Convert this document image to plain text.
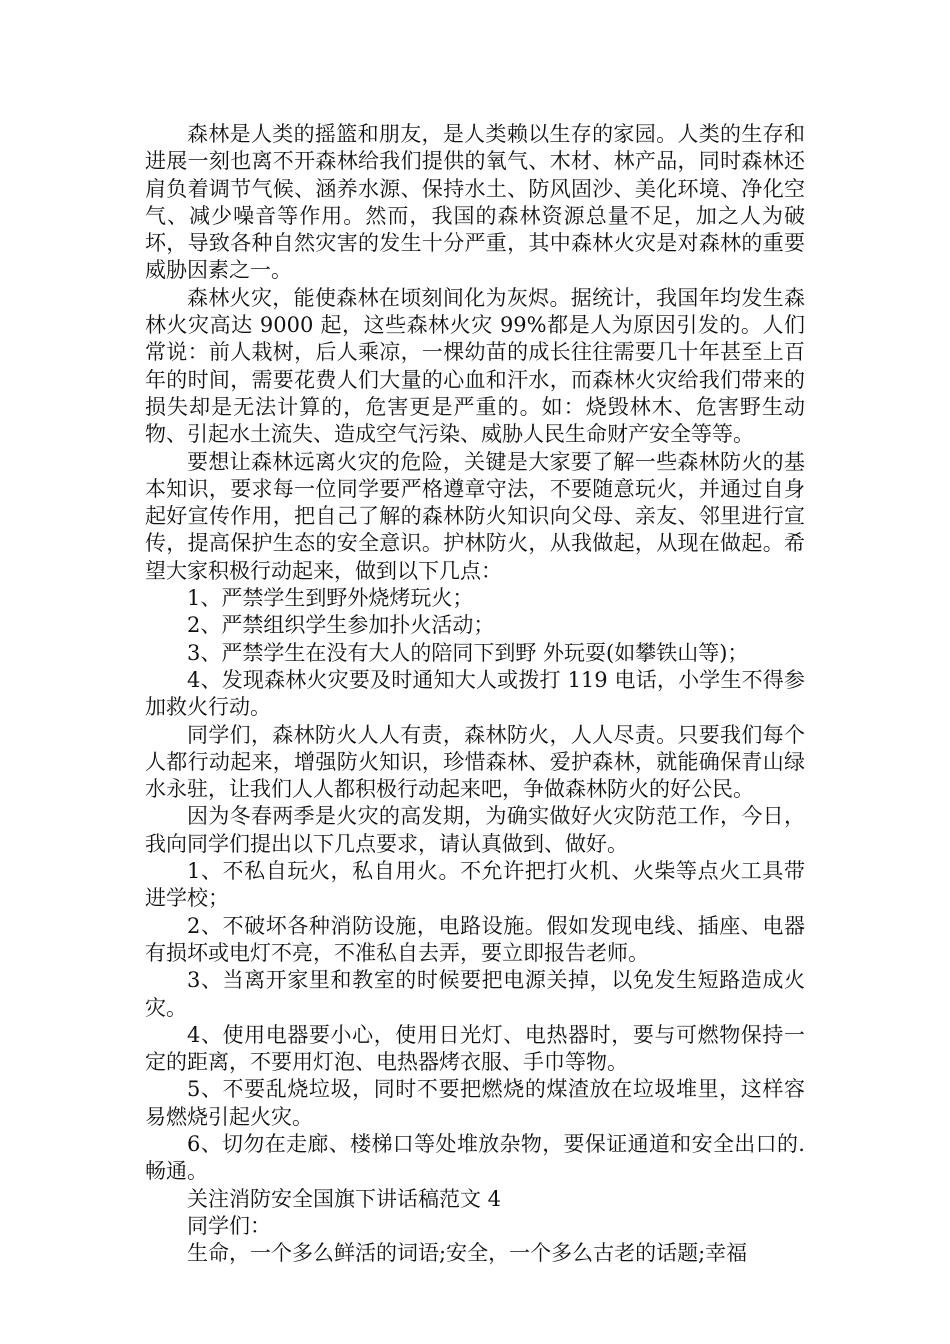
森林是人类的摇篮和朋友，是人类赖以生存的家园。人类的生存和进展一刻也离不开森林给我们提供的氧气、木材、林产品，同时森林还肩负着调节气候、涵养水源、保持水土、防风固沙、美化环境、净化空气、减少噪音等作用。然而，我国的森林资源总量不足，加之人为破坏，导致各种自然灾害的发生十分严重，其中森林火灾是对森林的重要威胁因素之一。

森林火灾，能使森林在顷刻间化为灰烬。据统计，我国年均发生森林火灾高达 9000 起，这些森林火灾 99%都是人为原因引发的。人们常说：前人栽树，后人乘凉，一棵幼苗的成长往往需要几十年甚至上百年的时间，需要花费人们大量的心血和汗水，而森林火灾给我们带来的损失却是无法计算的，危害更是严重的。如：烧毁林木、危害野生动物、引起水土流失、造成空气污染、威胁人民生命财产安全等等。

要想让森林远离火灾的危险，关键是大家要了解一些森林防火的基本知识，要求每一位同学要严格遵章守法，不要随意玩火，并通过自身起好宣传作用，把自己了解的森林防火知识向父母、亲友、邻里进行宣传，提高保护生态的安全意识。护林防火，从我做起，从现在做起。希望大家积极行动起来，做到以下几点：

1、严禁学生到野外烧烤玩火；

2、严禁组织学生参加扑火活动；

3、严禁学生在没有大人的陪同下到野 外玩耍(如攀铁山等)；

4、发现森林火灾要及时通知大人或拨打 119 电话，小学生不得参加救火行动。

同学们，森林防火人人有责，森林防火，人人尽责。只要我们每个人都行动起来，增强防火知识，珍惜森林、爱护森林，就能确保青山绿水永驻，让我们人人都积极行动起来吧，争做森林防火的好公民。

因为冬春两季是火灾的高发期，为确实做好火灾防范工作，今日，我向同学们提出以下几点要求，请认真做到、做好。

1、不私自玩火，私自用火。不允许把打火机、火柴等点火工具带进学校；

2、不破坏各种消防设施，电路设施。假如发现电线、插座、电器有损坏或电灯不亮，不准私自去弄，要立即报告老师。

3、当离开家里和教室的时候要把电源关掉，以免发生短路造成火灾。

4、使用电器要小心，使用日光灯、电热器时，要与可燃物保持一定的距离，不要用灯泡、电热器烤衣服、手巾等物。

5、不要乱烧垃圾，同时不要把燃烧的煤渣放在垃圾堆里，这样容易燃烧引起火灾。

6、切勿在走廊、楼梯口等处堆放杂物，要保证通道和安全出口的.畅通。

关注消防安全国旗下讲话稿范文 4

同学们：

生命，一个多么鲜活的词语;安全，一个多么古老的话题;幸福
